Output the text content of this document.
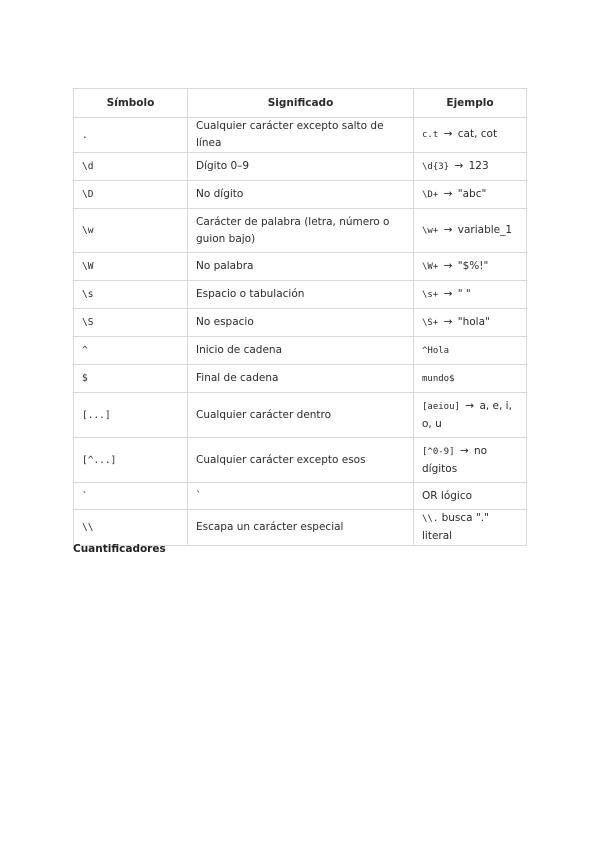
Símbolo	Significado	Ejemplo
.	Cualquier carácter excepto salto de línea	c.t → cat, cot
\d	Dígito 0–9	\d{3} → 123
\D	No dígito	\D+ → "abc"
\w	Carácter de palabra (letra, número o guion bajo)	\w+ → variable_1
\W	No palabra	\W+ → "$%!"
\s	Espacio o tabulación	\s+ → " "
\S	No espacio	\S+ → "hola"
^	Inicio de cadena	^Hola
$	Final de cadena	mundo$
[...]	Cualquier carácter dentro	[aeiou] → a, e, i, o, u
[^...]	Cualquier carácter excepto esos	[^0-9] → no dígitos
`	`	OR lógico
\\	Escapa un carácter especial	\\. busca "." literal
Cuantificadores
